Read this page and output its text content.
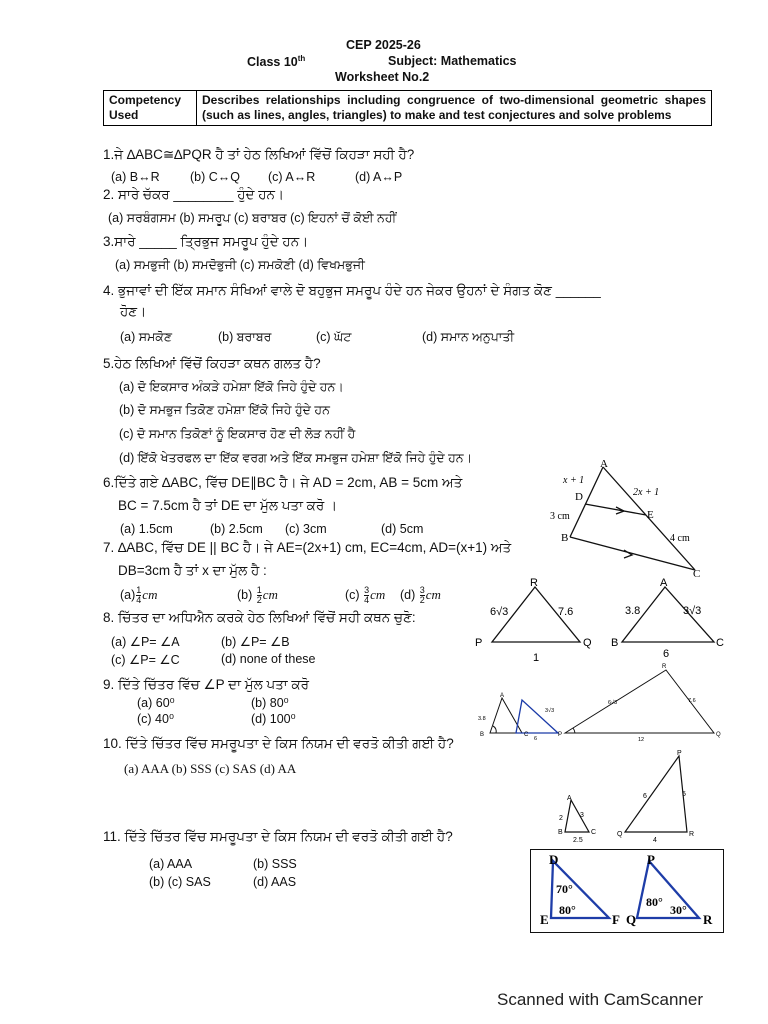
CEP 2025-26
Class 10th	Subject: Mathematics
Worksheet No.2
Competency Used	Describes relationships including congruence of two-dimensional geometric shapes (such as lines, angles, triangles) to make and test conjectures and solve problems
1.ਜੇ ∆ABC≅∆PQR ਹੈ ਤਾਂ ਹੇਠ ਲਿਖਿਆਂ ਵਿੱਚੋਂ ਕਿਹੜਾ ਸਹੀ ਹੈ?
(a) B↔R (b) C↔Q (c) A↔R	(d) A↔P
2. ਸਾਰੇ ਚੱਕਰ ________ ਹੁੰਦੇ ਹਨ।
(a) ਸਰਬੰਗਸਮ (b) ਸਮਰੂਪ (c) ਬਰਾਬਰ (c) ਇਹਨਾਂ ਚੋਂ ਕੋਈ ਨਹੀਂ
3.ਸਾਰੇ _____ ਤ੍ਰਿਭੁਜ ਸਮਰੂਪ ਹੁੰਦੇ ਹਨ।
(a) ਸਮਭੁਜੀ (b) ਸਮਦੋਭੁਜੀ (c) ਸਮਕੋਣੀ (d) ਵਿਖਮਭੁਜੀ
4. ਭੁਜਾਵਾਂ ਦੀ ਇੱਕ ਸਮਾਨ ਸੰਖਿਆਂ ਵਾਲੇ ਦੋ ਬਹੁਭੁਜ ਸਮਰੂਪ ਹੰਦੇ ਹਨ ਜੇਕਰ ਉਹਨਾਂ ਦੇ ਸੰਗਤ ਕੋਣ ______
ਹੋਣ।
(a) ਸਮਕੋਣ	(b) ਬਰਾਬਰ	(c) ਘੱਟ	(d) ਸਮਾਨ ਅਨੁਪਾਤੀ
5.ਹੇਠ ਲਿਖਿਆਂ ਵਿੱਚੋਂ ਕਿਹੜਾ ਕਥਨ ਗਲਤ ਹੈ?
(a) ਦੋ ਇਕਸਾਰ ਅੰਕੜੇ ਹਮੇਸ਼ਾ ਇੱਕੋ ਜਿਹੇ ਹੁੰਦੇ ਹਨ।
(b) ਦੋ ਸਮਭੁਜ ਤਿਕੋਣ ਹਮੇਸ਼ਾ ਇੱਕੋ ਜਿਹੇ ਹੁੰਦੇ ਹਨ
(c) ਦੋ ਸਮਾਨ ਤਿਕੋਣਾਂ ਨੂੰ ਇਕਸਾਰ ਹੋਣ ਦੀ ਲੋੜ ਨਹੀਂ ਹੈ
(d) ਇੱਕੋ ਖੇਤਰਫਲ ਦਾ ਇੱਕ ਵਰਗ ਅਤੇ ਇੱਕ ਸਮਭੁਜ ਹਮੇਸ਼ਾ ਇੱਕੋ ਜਿਹੇ ਹੁੰਦੇ ਹਨ।
6.ਦਿੱਤੇ ਗਏ ∆ABC, ਵਿੱਚ DE∥BC ਹੈ। ਜੇ AD = 2cm, AB = 5cm ਅਤੇ
BC = 7.5cm ਹੈ ਤਾਂ DE ਦਾ ਮੁੱਲ ਪਤਾ ਕਰੋ ।
(a) 1.5cm	(b) 2.5cm (c) 3cm	(d) 5cm
7. ∆ABC, ਵਿੱਚ DE || BC ਹੈ। ਜੇ AE=(2x+1) cm, EC=4cm, AD=(x+1) ਅਤੇ
DB=3cm ਹੈ ਤਾਂ x ਦਾ ਮੁੱਲ ਹੈ :
$(a) \frac{1}{4}$ cm	$(b) \frac{1}{2}$ cm	$(c) \frac{3}{4}$ cm $(d) \frac{3}{2}$ cm
8. ਚਿੱਤਰ ਦਾ ਅਧਿਐਨ ਕਰਕੇ ਹੇਠ ਲਿਖਿਆਂ ਵਿੱਚੋਂ ਸਹੀ ਕਥਨ ਚੁਣੋ:
(a) ∠P= ∠A	(b) ∠P= ∠B
(c) ∠P= ∠C	(d) none of these
9. ਦਿੱਤੇ ਚਿੱਤਰ ਵਿੱਚ ∠P ਦਾ ਮੁੱਲ ਪਤਾ ਕਰੋ
(a) 60⁰	(b) 80⁰
(c) 40⁰	(d) 100⁰
10. ਦਿੱਤੇ ਚਿੱਤਰ ਵਿੱਚ ਸਮਰੂਪਤਾ ਦੇ ਕਿਸ ਨਿਯਮ ਦੀ ਵਰਤੋ ਕੀਤੀ ਗਈ ਹੈ?
(a) AAA (b) SSS (c) SAS (d) AA
11. ਦਿੱਤੇ ਚਿੱਤਰ ਵਿੱਚ ਸਮਰੂਪਤਾ ਦੇ ਕਿਸ ਨਿਯਮ ਦੀ ਵਰਤੋ ਕੀਤੀ ਗਈ ਹੈ?
(a) AAA	(b) SSS
(b) (c) SAS	(d) AAS
A
D
E
B
C
x + 1
2x + 1
3 cm
4 cm
R
P	Q
6√3	7.6
1
A
B	C
3.8	3√3
6
A
B	C
3.8
3√3
6
R
P	Q
6√3	7.6
12
A
B	C
2 3
2.5
P
Q	R
6	5
4
D
E	F
70°
80°
P
Q	R
80°
30°
Scanned with CamScanner
